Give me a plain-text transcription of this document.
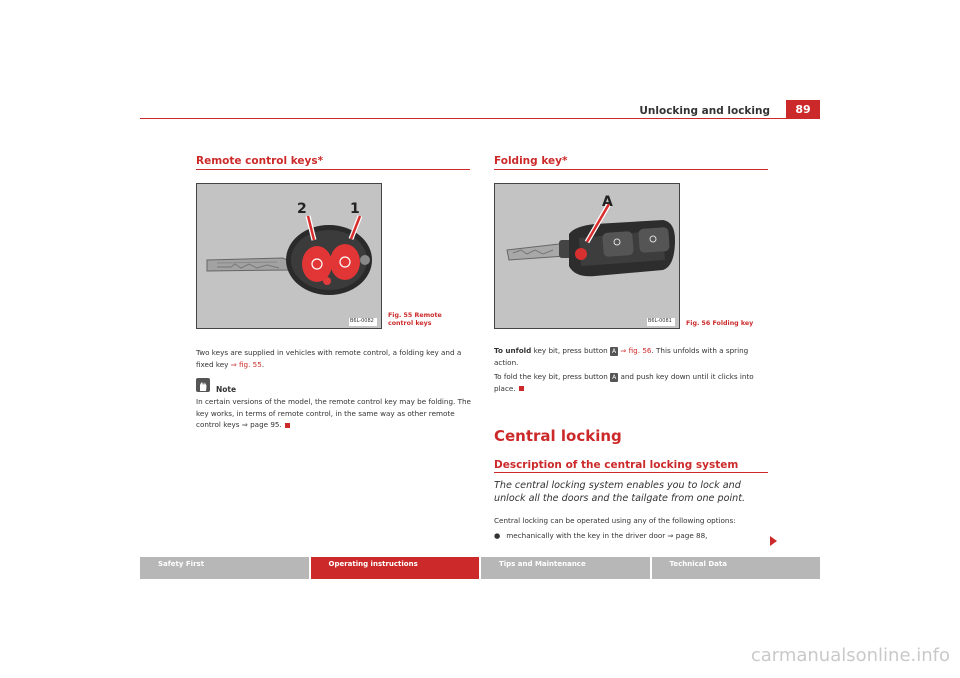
Unlocking and locking	89
Remote control keys*
2	1
B6L-0082
Fig. 55 Remote control keys

Two keys are supplied in vehicles with remote control, a folding key and a fixed key ⇒ fig. 55.

Note
In certain versions of the model, the remote control key may be folding. The key works, in terms of remote control, in the same way as other remote control keys ⇒ page 95.
Folding key*
A
B6L-0081 Fig. 56 Folding key

To unfold key bit, press button A ⇒ fig. 56. This unfolds with a spring action.

To fold the key bit, press button A and push key down until it clicks into place.

Central locking
Description of the central locking system
The central locking system enables you to lock and unlock all the doors and the tailgate from one point.

Central locking can be operated using any of the following options:

● mechanically with the key in the driver door ⇒ page 88,

Safety First	Operating instructions	Tips and Maintenance	Technical Data
carmanualsonline.info
